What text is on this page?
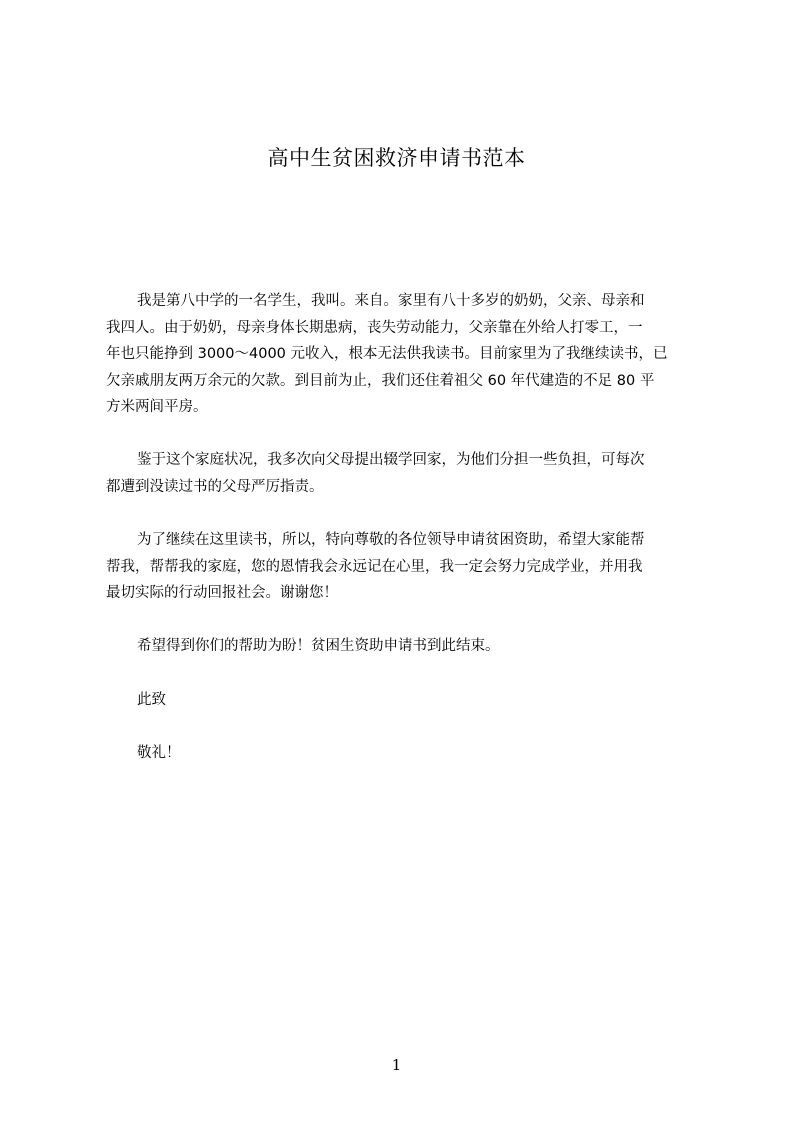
高中生贫困救济申请书范本
我是第八中学的一名学生，我叫。来自。家里有八十多岁的奶奶，父亲、母亲和
我四人。由于奶奶，母亲身体长期患病，丧失劳动能力，父亲靠在外给人打零工，一
年也只能挣到 3000～4000 元收入，根本无法供我读书。目前家里为了我继续读书，已
欠亲戚朋友两万余元的欠款。到目前为止，我们还住着祖父 60 年代建造的不足 80 平
方米两间平房。
鉴于这个家庭状况，我多次向父母提出辍学回家，为他们分担一些负担，可每次
都遭到没读过书的父母严厉指责。
为了继续在这里读书，所以，特向尊敬的各位领导申请贫困资助，希望大家能帮
帮我，帮帮我的家庭，您的恩情我会永远记在心里，我一定会努力完成学业，并用我
最切实际的行动回报社会。谢谢您！
希望得到你们的帮助为盼！贫困生资助申请书到此结束。
此致
敬礼！
1
